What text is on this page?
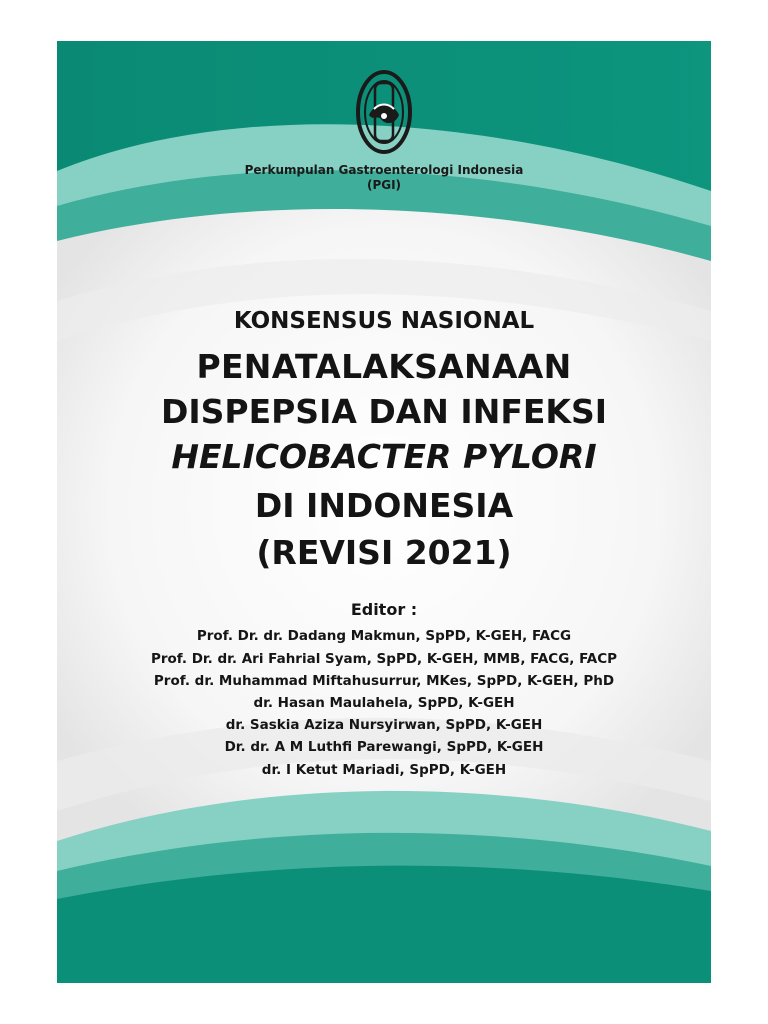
Perkumpulan Gastroenterologi Indonesia
(PGI)
KONSENSUS NASIONAL
PENATALAKSANAAN
DISPEPSIA DAN INFEKSI
HELICOBACTER PYLORI
DI INDONESIA
(REVISI 2021)
Editor :
Prof. Dr. dr. Dadang Makmun, SpPD, K-GEH, FACG
Prof. Dr. dr. Ari Fahrial Syam, SpPD, K-GEH, MMB, FACG, FACP
Prof. dr. Muhammad Miftahusurrur, MKes, SpPD, K-GEH, PhD
dr. Hasan Maulahela, SpPD, K-GEH
dr. Saskia Aziza Nursyirwan, SpPD, K-GEH
Dr. dr. A M Luthfi Parewangi, SpPD, K-GEH
dr. I Ketut Mariadi, SpPD, K-GEH
